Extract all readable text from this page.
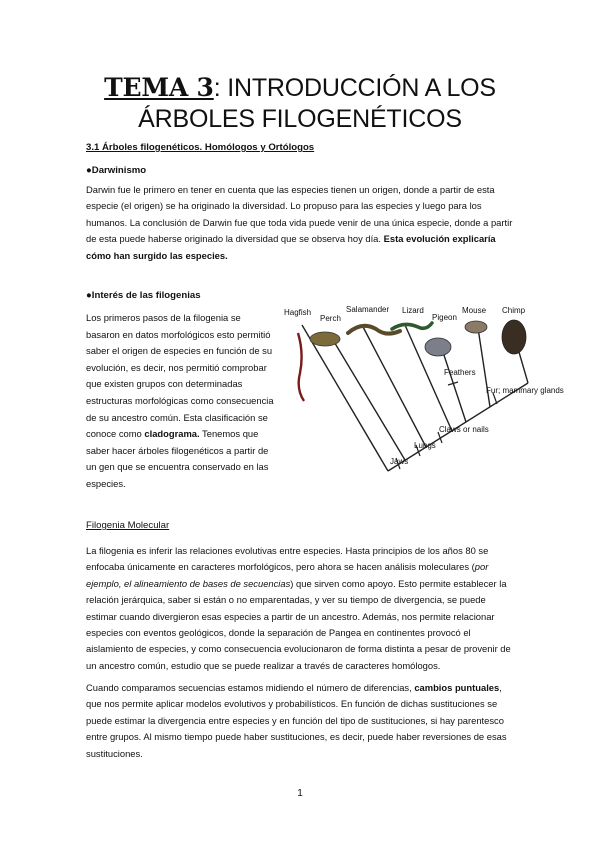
TEMA 3: INTRODUCCIÓN A LOS
ÁRBOLES FILOGENÉTICOS
3.1 Árboles filogenéticos. Homólogos y Ortólogos
●Darwinismo
Darwin fue le primero en tener en cuenta que las especies tienen un origen, donde a partir de esta especie (el origen) se ha originado la diversidad. Lo propuso para las especies y luego para los humanos. La conclusión de Darwin fue que toda vida puede venir de una única especie, donde a partir de esta puede haberse originado la diversidad que se observa hoy día. Esta evolución explicaría cómo han surgido las especies.
●Interés de las filogenias
Los primeros pasos de la filogenia se basaron en datos morfológicos esto permitió saber el origen de especies en función de su evolución, es decir, nos permitió comprobar que existen grupos con determinadas estructuras morfológicas como consecuencia de su ancestro común. Esta clasificación se conoce como cladograma. Tenemos que saber hacer árboles filogenéticos a partir de un gen que se encuentra conservado en las especies.
Hagfish
Perch
Salamander Lizard
Pigeon
Mouse Chimp
Jaws
Lungs
Claws or nails
Feathers
Fur; mammary glands
Filogenia Molecular
La filogenia es inferir las relaciones evolutivas entre especies. Hasta principios de los años 80 se enfocaba únicamente en caracteres morfológicos, pero ahora se hacen análisis moleculares (por ejemplo, el alineamiento de bases de secuencias) que sirven como apoyo. Esto permite establecer la relación jerárquica, saber si están o no emparentadas, y ver su tiempo de divergencia, se puede estimar cuando divergieron esas especies a partir de un ancestro. Además, nos permite relacionar especies con eventos geológicos, donde la separación de Pangea en continentes provocó el aislamiento de especies, y como consecuencia evolucionaron de forma distinta a pesar de provenir de un ancestro común, estudio que se puede realizar a través de caracteres homólogos.
Cuando comparamos secuencias estamos midiendo el número de diferencias, cambios puntuales, que nos permite aplicar modelos evolutivos y probabilísticos. En función de dichas sustituciones se puede estimar la divergencia entre especies y en función del tipo de sustituciones, si hay parentesco entre grupos. Al mismo tiempo puede haber sustituciones, es decir, puede haber reversiones de esas sustituciones.
1
